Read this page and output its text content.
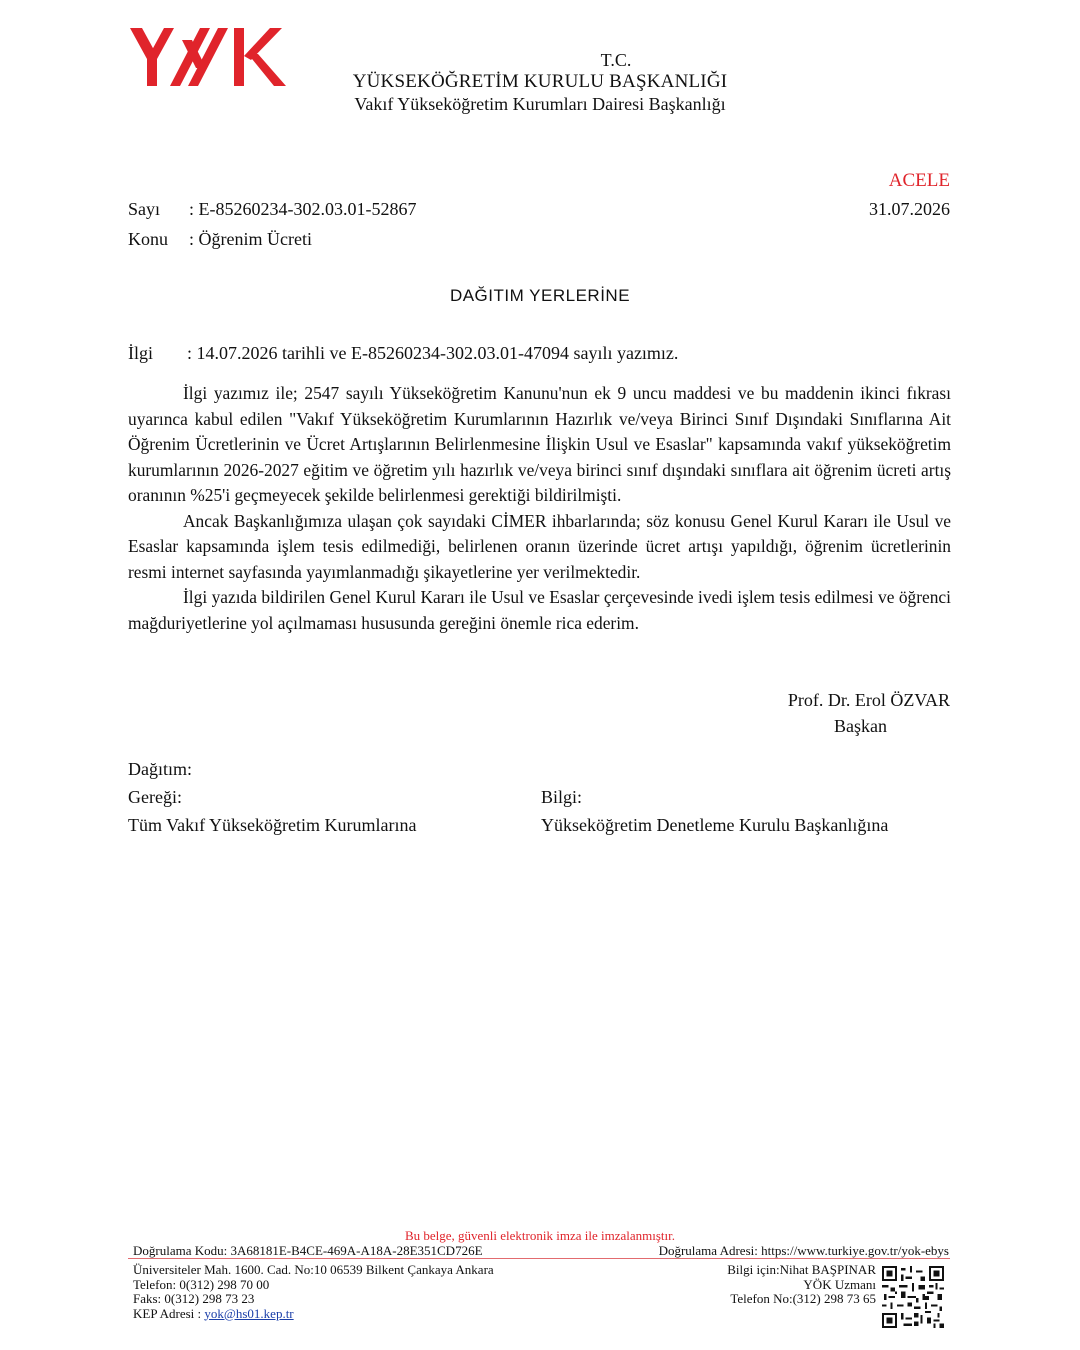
T.C.
YÜKSEKÖĞRETİM KURULU BAŞKANLIĞI
Vakıf Yükseköğretim Kurumları Dairesi Başkanlığı
ACELE
Sayı : E-85260234-302.03.01-52867	31.07.2026
Konu : Öğrenim Ücreti
DAĞITIM YERLERİNE
İlgi : 14.07.2026 tarihli ve E-85260234-302.03.01-47094 sayılı yazımız.

İlgi yazımız ile; 2547 sayılı Yükseköğretim Kanunu'nun ek 9 uncu maddesi ve bu maddenin ikinci fıkrası uyarınca kabul edilen "Vakıf Yükseköğretim Kurumlarının Hazırlık ve/veya Birinci Sınıf Dışındaki Sınıflarına Ait Öğrenim Ücretlerinin ve Ücret Artışlarının Belirlenmesine İlişkin Usul ve Esaslar" kapsamında vakıf yükseköğretim kurumlarının 2026-2027 eğitim ve öğretim yılı hazırlık ve/veya birinci sınıf dışındaki sınıflara ait öğrenim ücreti artış oranının %25'i geçmeyecek şekilde belirlenmesi gerektiği bildirilmişti.

Ancak Başkanlığımıza ulaşan çok sayıdaki CİMER ihbarlarında; söz konusu Genel Kurul Kararı ile Usul ve Esaslar kapsamında işlem tesis edilmediği, belirlenen oranın üzerinde ücret artışı yapıldığı, öğrenim ücretlerinin resmi internet sayfasında yayımlanmadığı şikayetlerine yer verilmektedir.

İlgi yazıda bildirilen Genel Kurul Kararı ile Usul ve Esaslar çerçevesinde ivedi işlem tesis edilmesi ve öğrenci mağduriyetlerine yol açılmaması hususunda gereğini önemle rica ederim.

Prof. Dr. Erol ÖZVAR
Başkan
Dağıtım:
Gereği:
Tüm Vakıf Yükseköğretim Kurumlarına
Bilgi:
Yükseköğretim Denetleme Kurulu Başkanlığına
Bu belge, güvenli elektronik imza ile imzalanmıştır.
Doğrulama Kodu: 3A68181E-B4CE-469A-A18A-28E351CD726E	Doğrulama Adresi: https://www.turkiye.gov.tr/yok-ebys
Üniversiteler Mah. 1600. Cad. No:10 06539 Bilkent Çankaya Ankara
Telefon: 0(312) 298 70 00
Faks: 0(312) 298 73 23
KEP Adresi : yok@hs01.kep.tr
Bilgi için:Nihat BAŞPINAR
YÖK Uzmanı
Telefon No:(312) 298 73 65
